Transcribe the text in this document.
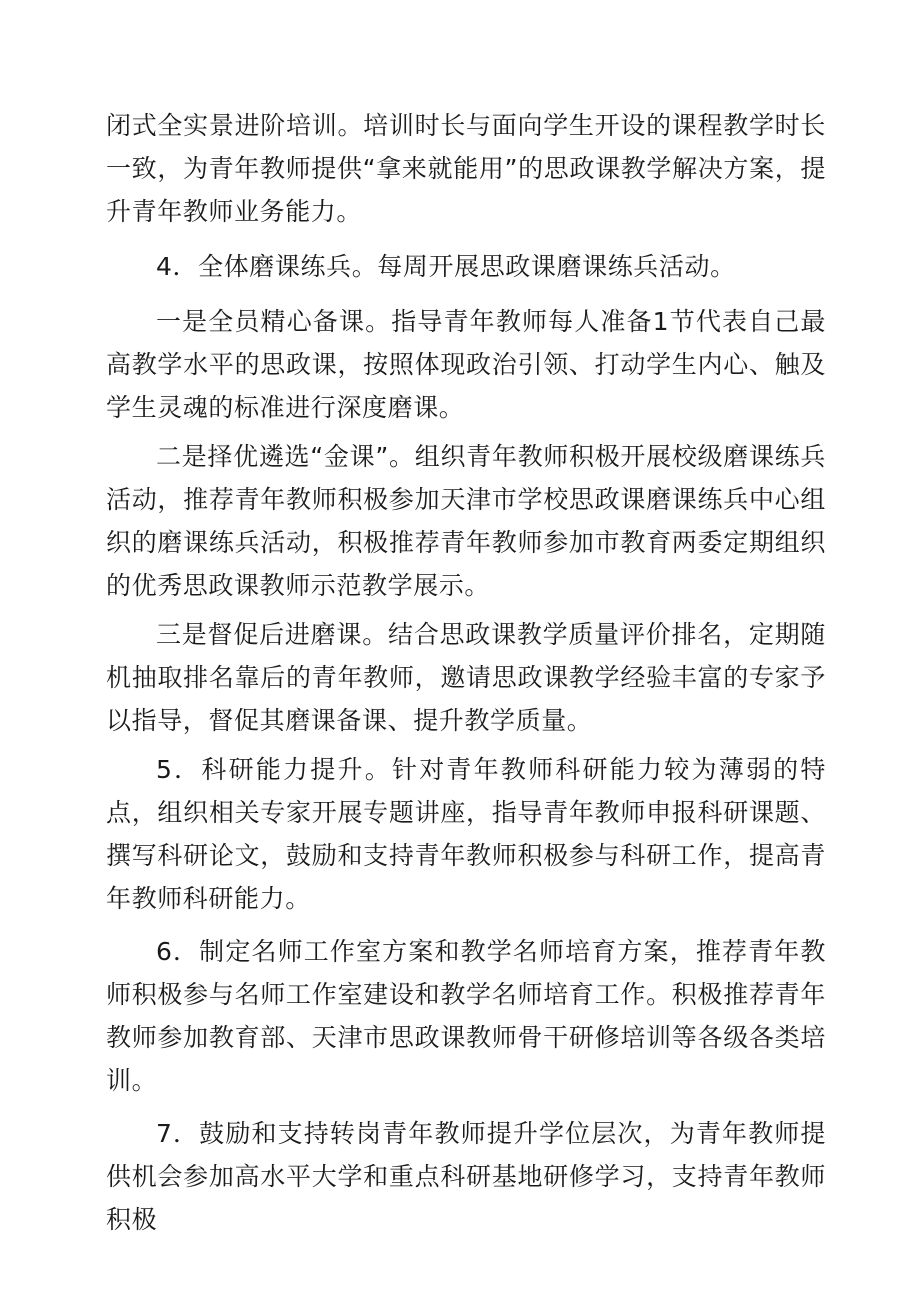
闭式全实景进阶培训。培训时长与面向学生开设的课程教学时长一致，为青年教师提供“拿来就能用”的思政课教学解决方案，提升青年教师业务能力。

4．全体磨课练兵。每周开展思政课磨课练兵活动。

一是全员精心备课。指导青年教师每人准备1节代表自己最高教学水平的思政课，按照体现政治引领、打动学生内心、触及学生灵魂的标准进行深度磨课。

二是择优遴选“金课”。组织青年教师积极开展校级磨课练兵活动，推荐青年教师积极参加天津市学校思政课磨课练兵中心组织的磨课练兵活动，积极推荐青年教师参加市教育两委定期组织的优秀思政课教师示范教学展示。

三是督促后进磨课。结合思政课教学质量评价排名，定期随机抽取排名靠后的青年教师，邀请思政课教学经验丰富的专家予以指导，督促其磨课备课、提升教学质量。

5．科研能力提升。针对青年教师科研能力较为薄弱的特点，组织相关专家开展专题讲座，指导青年教师申报科研课题、撰写科研论文，鼓励和支持青年教师积极参与科研工作，提高青年教师科研能力。

6．制定名师工作室方案和教学名师培育方案，推荐青年教师积极参与名师工作室建设和教学名师培育工作。积极推荐青年教师参加教育部、天津市思政课教师骨干研修培训等各级各类培训。

7．鼓励和支持转岗青年教师提升学位层次，为青年教师提供机会参加高水平大学和重点科研基地研修学习，支持青年教师积极
